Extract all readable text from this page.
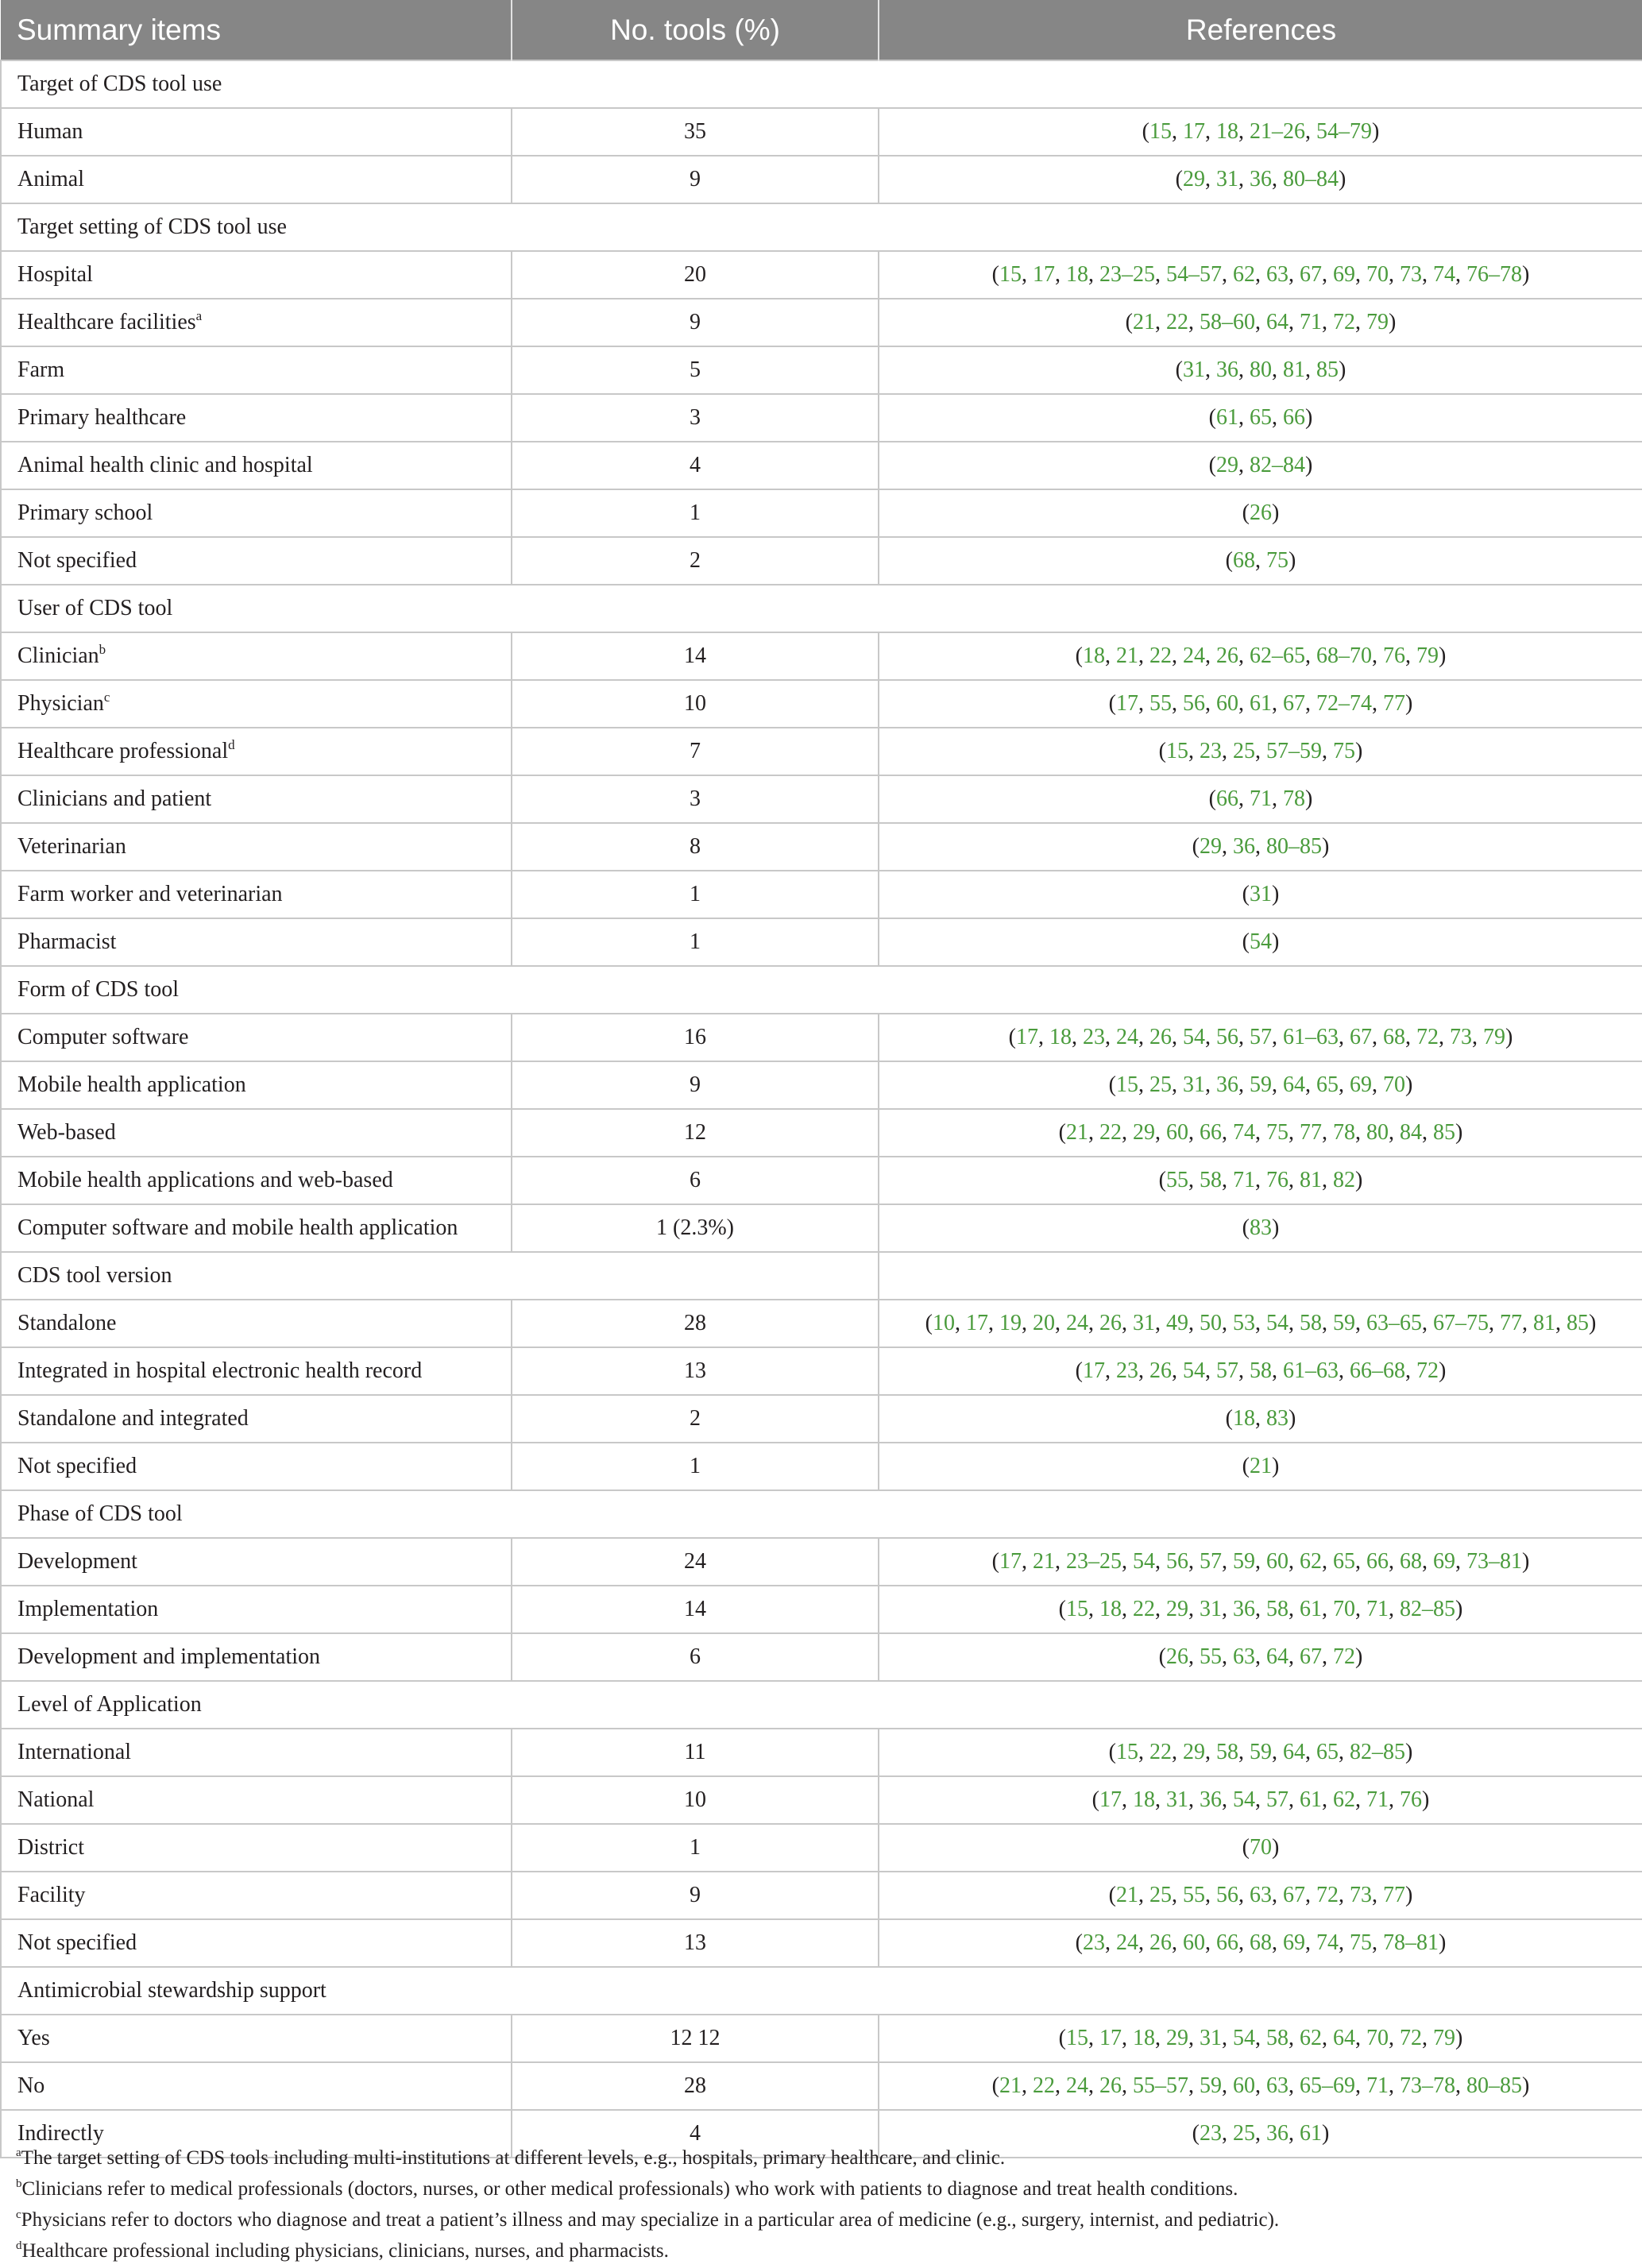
Summary items	No. tools (%)	References
Target of CDS tool use		
Human	35	(15, 17, 18, 21–26, 54–79)
Animal	9	(29, 31, 36, 80–84)
Target setting of CDS tool use		
Hospital	20	(15, 17, 18, 23–25, 54–57, 62, 63, 67, 69, 70, 73, 74, 76–78)
Healthcare facilities$^a$	9	(21, 22, 58–60, 64, 71, 72, 79)
Farm	5	(31, 36, 80, 81, 85)
Primary healthcare	3	(61, 65, 66)
Animal health clinic and hospital	4	(29, 82–84)
Primary school	1	(26)
Not specified	2	(68, 75)
User of CDS tool		
Clinician$^b$	14	(18, 21, 22, 24, 26, 62–65, 68–70, 76, 79)
Physician$^c$	10	(17, 55, 56, 60, 61, 67, 72–74, 77)
Healthcare professional$^d$	7	(15, 23, 25, 57–59, 75)
Clinicians and patient	3	(66, 71, 78)
Veterinarian	8	(29, 36, 80–85)
Farm worker and veterinarian	1	(31)
Pharmacist	1	(54)
Form of CDS tool		
Computer software	16	(17, 18, 23, 24, 26, 54, 56, 57, 61–63, 67, 68, 72, 73, 79)
Mobile health application	9	(15, 25, 31, 36, 59, 64, 65, 69, 70)
Web-based	12	(21, 22, 29, 60, 66, 74, 75, 77, 78, 80, 84, 85)
Mobile health applications and web-based	6	(55, 58, 71, 76, 81, 82)
Computer software and mobile health application	1 (2.3%)	(83)
CDS tool version		
Standalone	28	(10, 17, 19, 20, 24, 26, 31, 49, 50, 53, 54, 58, 59, 63–65, 67–75, 77, 81, 85)
Integrated in hospital electronic health record	13	(17, 23, 26, 54, 57, 58, 61–63, 66–68, 72)
Standalone and integrated	2	(18, 83)
Not specified	1	(21)
Phase of CDS tool		
Development	24	(17, 21, 23–25, 54, 56, 57, 59, 60, 62, 65, 66, 68, 69, 73–81)
Implementation	14	(15, 18, 22, 29, 31, 36, 58, 61, 70, 71, 82–85)
Development and implementation	6	(26, 55, 63, 64, 67, 72)
Level of Application		
International	11	(15, 22, 29, 58, 59, 64, 65, 82–85)
National	10	(17, 18, 31, 36, 54, 57, 61, 62, 71, 76)
District	1	(70)
Facility	9	(21, 25, 55, 56, 63, 67, 72, 73, 77)
Not specified	13	(23, 24, 26, 60, 66, 68, 69, 74, 75, 78–81)
Antimicrobial stewardship support		
Yes	12 12	(15, 17, 18, 29, 31, 54, 58, 62, 64, 70, 72, 79)
No	28	(21, 22, 24, 26, 55–57, 59, 60, 63, 65–69, 71, 73–78, 80–85)
Indirectly	4	(23, 25, 36, 61)
$^a$The target setting of CDS tools including multi-institutions at different levels, e.g., hospitals, primary healthcare, and clinic.
$^b$Clinicians refer to medical professionals (doctors, nurses, or other medical professionals) who work with patients to diagnose and treat health conditions.
$^c$Physicians refer to doctors who diagnose and treat a patient’s illness and may specialize in a particular area of medicine (e.g., surgery, internist, and pediatric).
$^d$Healthcare professional including physicians, clinicians, nurses, and pharmacists.
